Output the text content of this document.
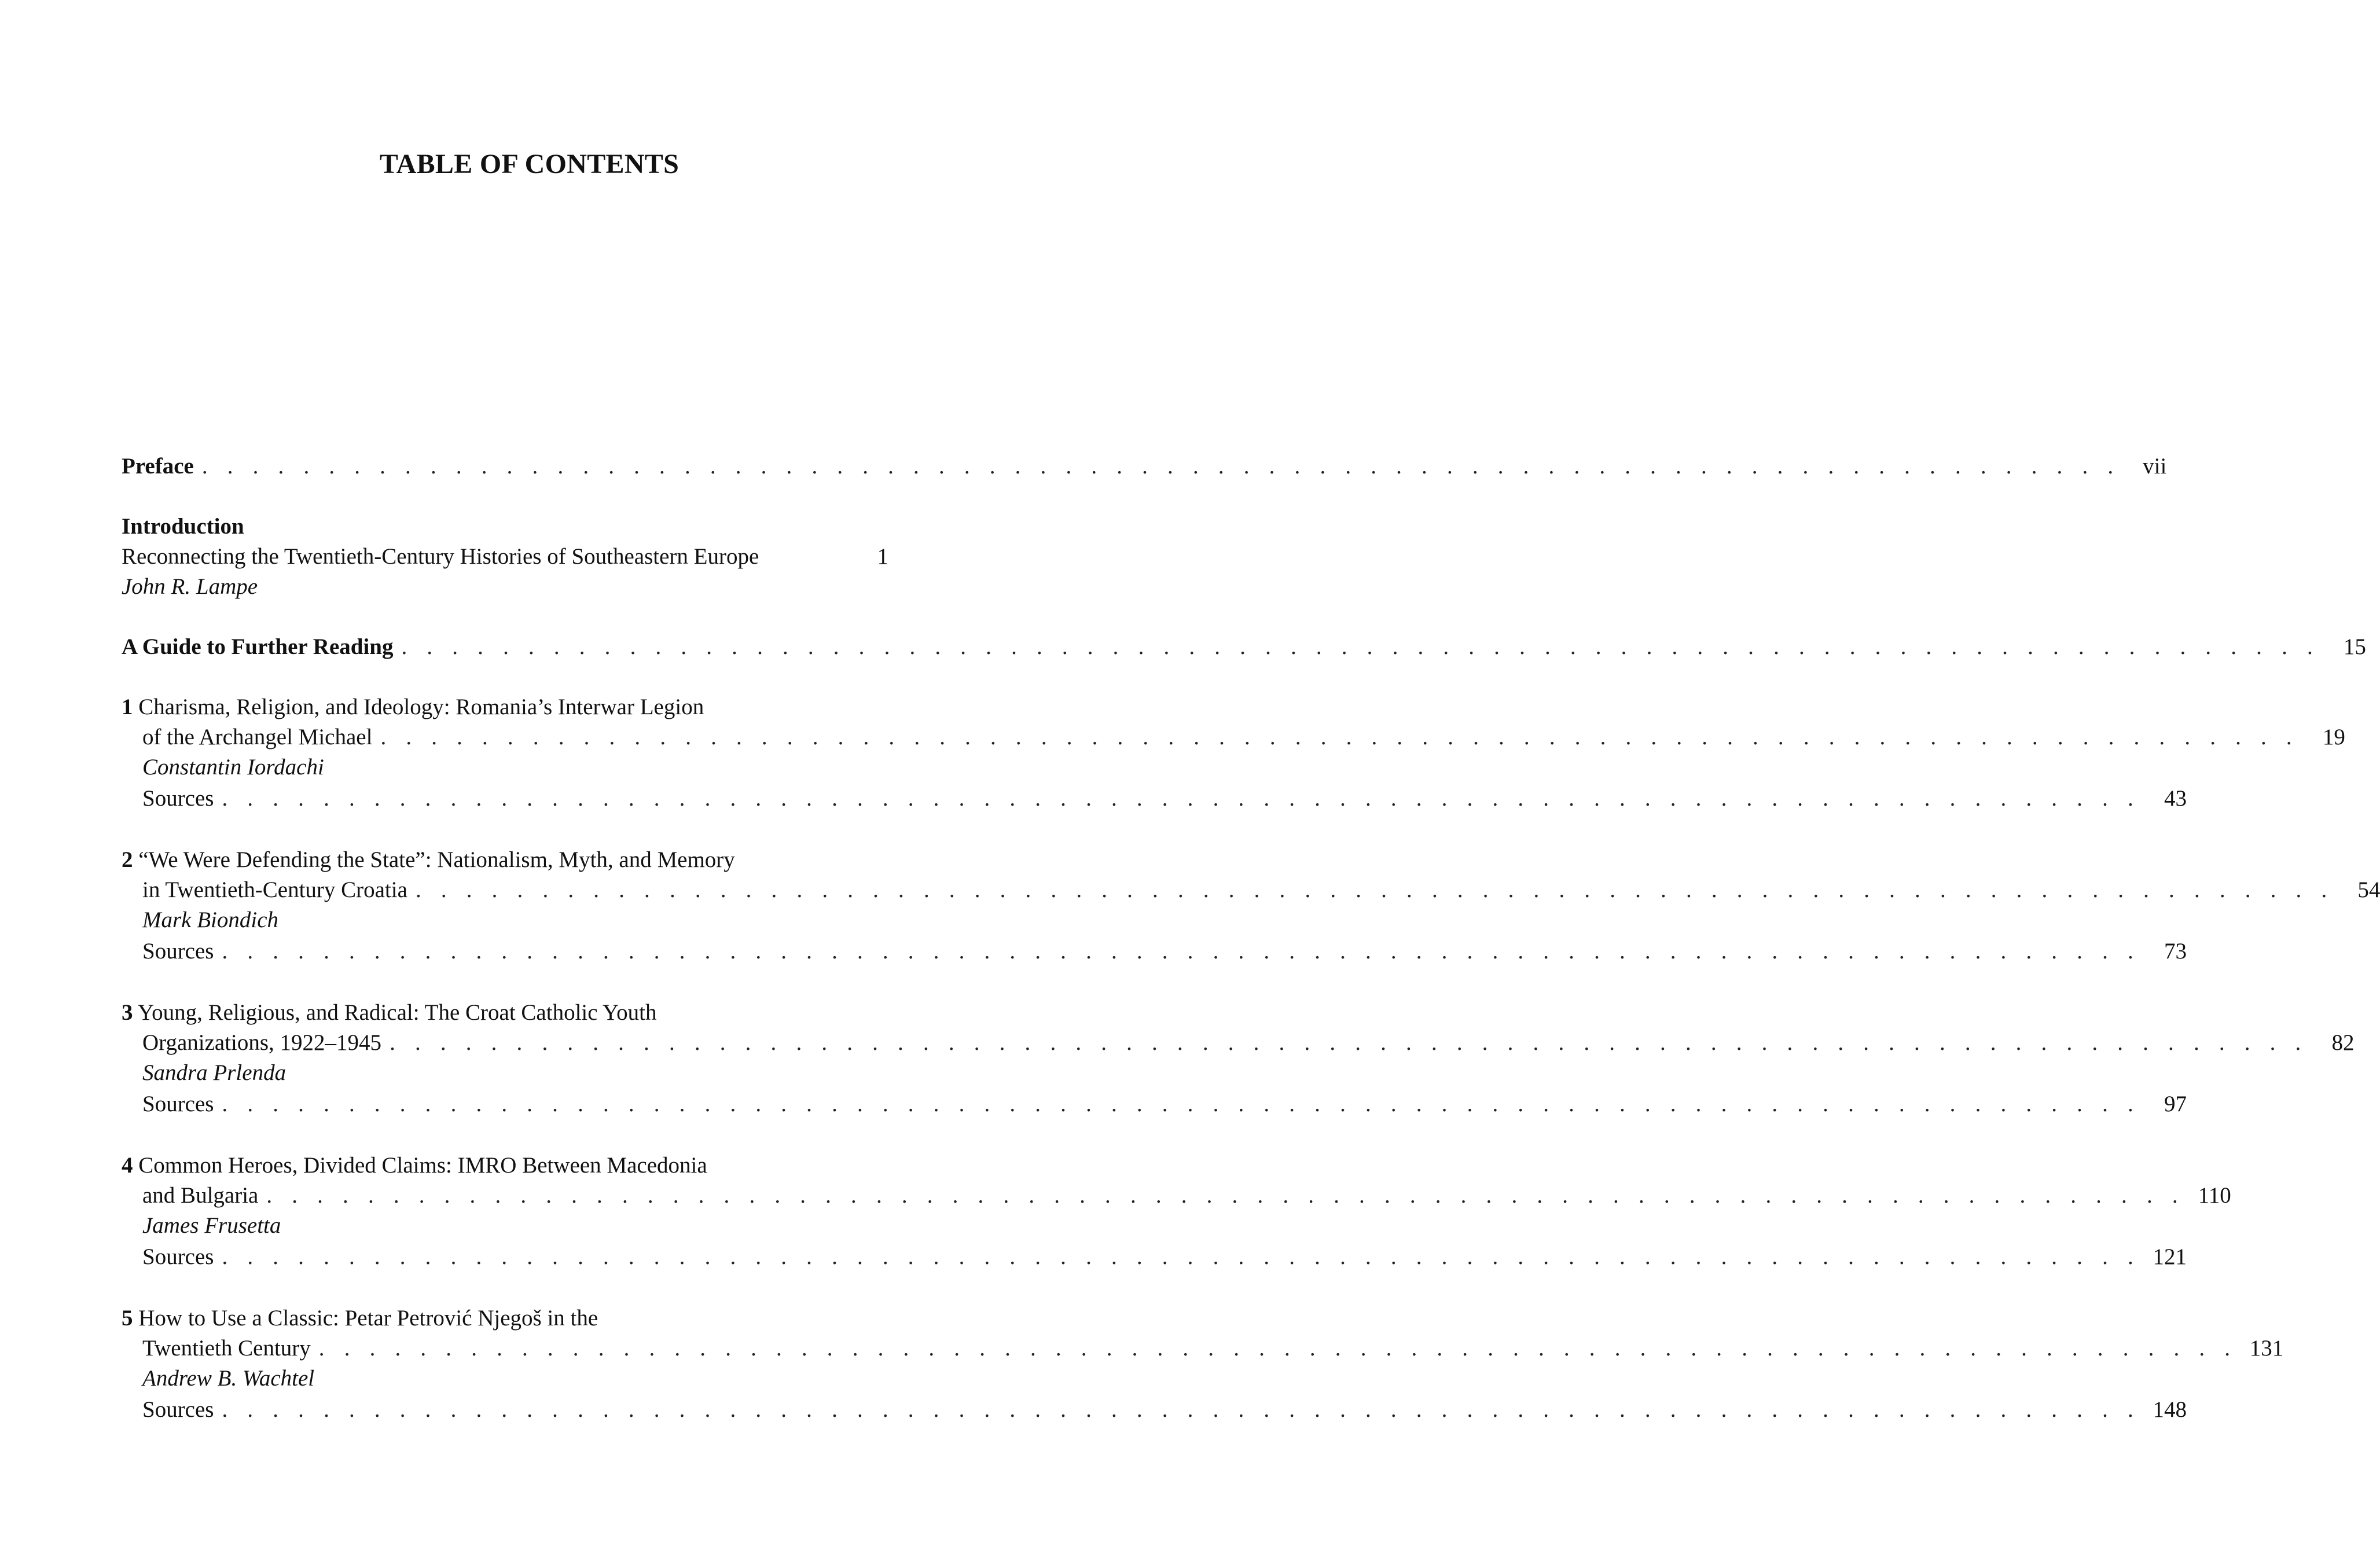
TABLE OF CONTENTS
Preface . . . . . . . . . . . . . . . . . . . . . . . . . . . . . . . . . . . . . . . . . . . . . . . . . . . . . . . . . . . . . . . . . . . . . . . . . . . . vii
Introduction
Reconnecting the Twentieth-Century Histories of Southeastern Europe	1
John R. Lampe
A Guide to Further Reading . . . . . . . . . . . . . . . . . . . . . . . . . . . . . . . . . . . . . . . . . . . . . . . . . . . . . . . . . . . . . . . . . . . . . . . . . . . .	15
1 Charisma, Religion, and Ideology: Romania’s Interwar Legion
of the Archangel Michael . . . . . . . . . . . . . . . . . . . . . . . . . . . . . . . . . . . . . . . . . . . . . . . . . . . . . . . . . . . . . . . . . . . . . . . . . . . .	19
Constantin Iordachi
Sources . . . . . . . . . . . . . . . . . . . . . . . . . . . . . . . . . . . . . . . . . . . . . . . . . . . . . . . . . . . . . . . . . . . . . . . . . . . .	43
2 “We Were Defending the State”: Nationalism, Myth, and Memory
in Twentieth-Century Croatia . . . . . . . . . . . . . . . . . . . . . . . . . . . . . . . . . . . . . . . . . . . . . . . . . . . . . . . . . . . . . . . . . . . . . . . . . . . .	54
Mark Biondich
Sources . . . . . . . . . . . . . . . . . . . . . . . . . . . . . . . . . . . . . . . . . . . . . . . . . . . . . . . . . . . . . . . . . . . . . . . . . . . .	73
3 Young, Religious, and Radical: The Croat Catholic Youth
Organizations, 1922–1945 . . . . . . . . . . . . . . . . . . . . . . . . . . . . . . . . . . . . . . . . . . . . . . . . . . . . . . . . . . . . . . . . . . . . . . . . . . . .	82
Sandra Prlenda
Sources . . . . . . . . . . . . . . . . . . . . . . . . . . . . . . . . . . . . . . . . . . . . . . . . . . . . . . . . . . . . . . . . . . . . . . . . . . . .	97
4 Common Heroes, Divided Claims: IMRO Between Macedonia
and Bulgaria . . . . . . . . . . . . . . . . . . . . . . . . . . . . . . . . . . . . . . . . . . . . . . . . . . . . . . . . . . . . . . . . . . . . . . . . . . . . 110
James Frusetta
Sources . . . . . . . . . . . . . . . . . . . . . . . . . . . . . . . . . . . . . . . . . . . . . . . . . . . . . . . . . . . . . . . . . . . . . . . . . . . . 121
5 How to Use a Classic: Petar Petrović Njegoš in the
Twentieth Century . . . . . . . . . . . . . . . . . . . . . . . . . . . . . . . . . . . . . . . . . . . . . . . . . . . . . . . . . . . . . . . . . . . . . . . . . . . . 131
Andrew B. Wachtel
Sources . . . . . . . . . . . . . . . . . . . . . . . . . . . . . . . . . . . . . . . . . . . . . . . . . . . . . . . . . . . . . . . . . . . . . . . . . . . . 148
